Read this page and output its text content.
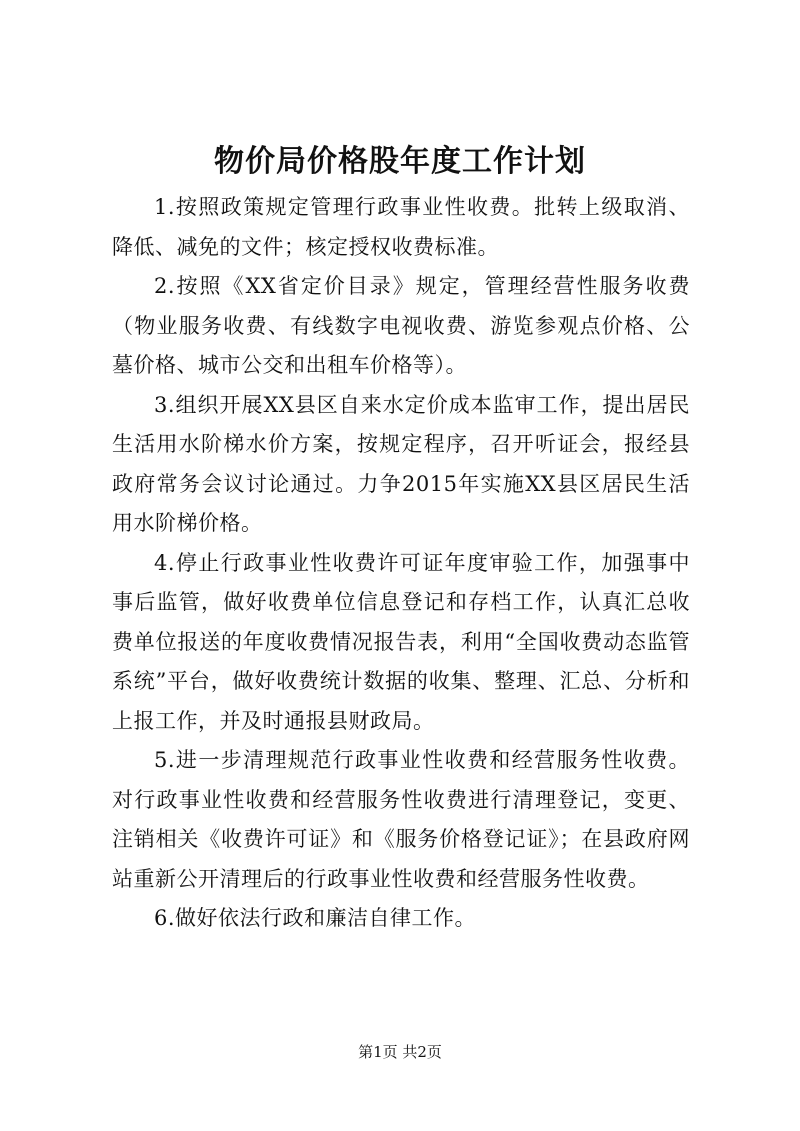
物价局价格股年度工作计划

1.按照政策规定管理行政事业性收费。批转上级取消、降低、减免的文件；核定授权收费标准。

2.按照《XX省定价目录》规定，管理经营性服务收费（物业服务收费、有线数字电视收费、游览参观点价格、公墓价格、城市公交和出租车价格等）。

3.组织开展XX县区自来水定价成本监审工作，提出居民生活用水阶梯水价方案，按规定程序，召开听证会，报经县政府常务会议讨论通过。力争2015年实施XX县区居民生活用水阶梯价格。

4.停止行政事业性收费许可证年度审验工作，加强事中事后监管，做好收费单位信息登记和存档工作，认真汇总收费单位报送的年度收费情况报告表，利用“全国收费动态监管系统”平台，做好收费统计数据的收集、整理、汇总、分析和上报工作，并及时通报县财政局。

5.进一步清理规范行政事业性收费和经营服务性收费。对行政事业性收费和经营服务性收费进行清理登记，变更、注销相关《收费许可证》和《服务价格登记证》；在县政府网站重新公开清理后的行政事业性收费和经营服务性收费。

6.做好依法行政和廉洁自律工作。

第1页 共2页
